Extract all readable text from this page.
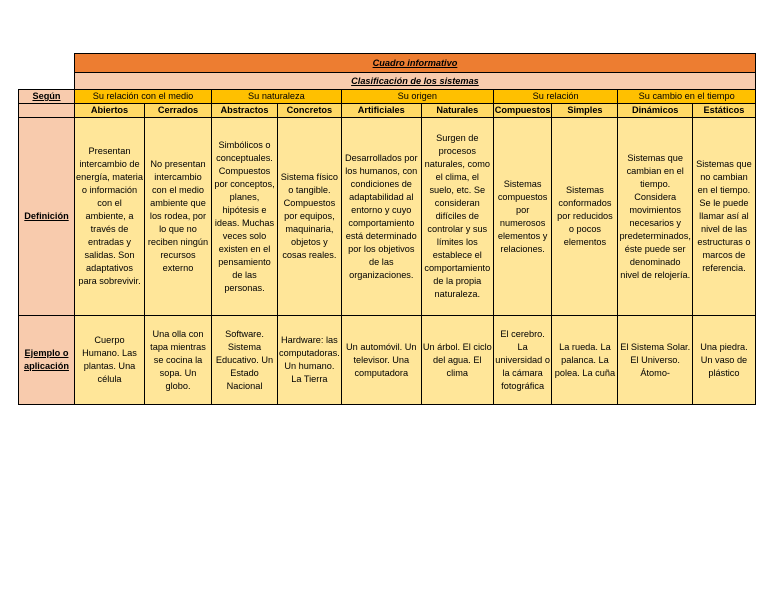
	Cuadro informativo									
	Clasificación de los sistemas									
Según	Su relación con el medio		Su naturaleza		Su origen		Su relación		Su cambio en el tiempo	
	Abiertos	Cerrados	Abstractos	Concretos	Artificiales	Naturales	Compuestos	Simples	Dinámicos	Estáticos
Definición	Presentan intercambio de energía, materia o información con el ambiente, a través de entradas y salidas. Son adaptativos para sobrevivir.	No presentan intercambio con el medio ambiente que los rodea, por lo que no reciben ningún recursos externo	Simbólicos o conceptuales. Compuestos por conceptos, planes, hipótesis e ideas. Muchas veces solo existen en el pensamiento de las personas.	Sistema físico o tangible. Compuestos por equipos, maquinaria, objetos y cosas reales.	Desarrollados por los humanos, con condiciones de adaptabilidad al entorno y cuyo comportamiento está determinado por los objetivos de las organizaciones.	Surgen de procesos naturales, como el clima, el suelo, etc. Se consideran difíciles de controlar y sus límites los establece el comportamiento de la propia naturaleza.	Sistemas compuestos por numerosos elementos y relaciones.	Sistemas conformados por reducidos o pocos elementos	Sistemas que cambian en el tiempo. Considera movimientos necesarios y predeterminados, éste puede ser denominado nivel de relojería.	Sistemas que no cambian en el tiempo. Se le puede llamar así al nivel de las estructuras o marcos de referencia.
Ejemplo o aplicación	Cuerpo Humano. Las plantas. Una célula	Una olla con tapa mientras se cocina la sopa. Un globo.	Software. Sistema Educativo. Un Estado Nacional	Hardware: las computadoras. Un humano. La Tierra	Un automóvil. Un televisor. Una computadora	Un árbol. El ciclo del agua. El clima	El cerebro. La universidad o la cámara fotográfica	La rueda. La palanca. La polea. La cuña	El Sistema Solar. El Universo. Átomo-	Una piedra. Un vaso de plástico
